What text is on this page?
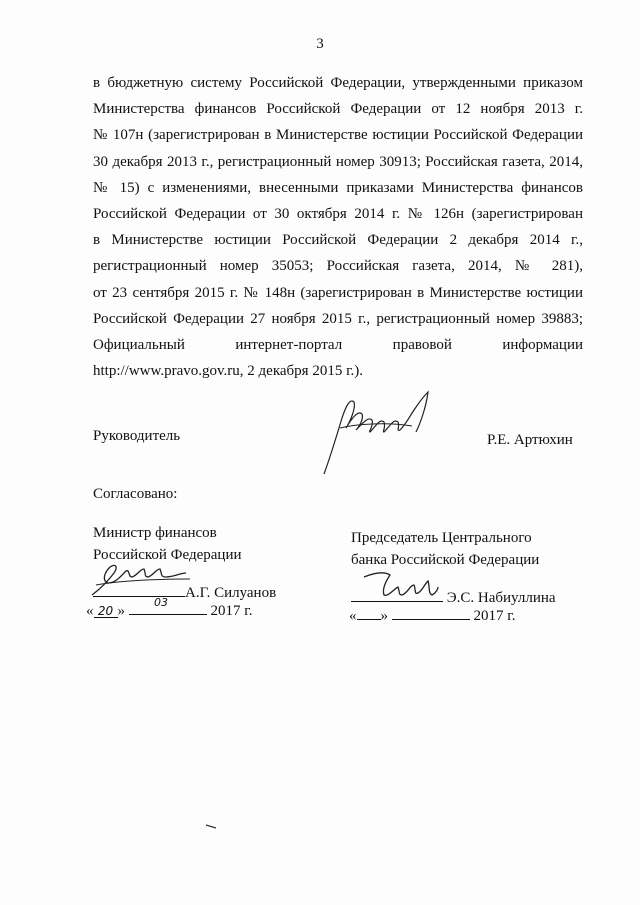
3
в бюджетную систему Российской Федерации, утвержденными приказом
Министерства финансов Российской Федерации от 12 ноября 2013 г.
№ 107н (зарегистрирован в Министерстве юстиции Российской Федерации
30 декабря 2013 г., регистрационный номер 30913; Российская газета, 2014,
№ 15) с изменениями, внесенными приказами Министерства финансов
Российской Федерации от 30 октября 2014 г. № 126н (зарегистрирован
в Министерстве юстиции Российской Федерации 2 декабря 2014 г.,
регистрационный номер 35053; Российская газета, 2014, № 281),
от 23 сентября 2015 г. № 148н (зарегистрирован в Министерстве юстиции
Российской Федерации 27 ноября 2015 г., регистрационный номер 39883;
Официальный интернет-портал правовой информации
http://www.pravo.gov.ru, 2 декабря 2015 г.).
Руководитель	Р.Е. Артюхин
Согласовано:
Министр финансов
Российской Федерации
Председатель Центрального
банка Российской Федерации
А.Г. Силуанов
« 20 »	2017 г.
03	Э.С. Набиуллина
« »	2017 г.
